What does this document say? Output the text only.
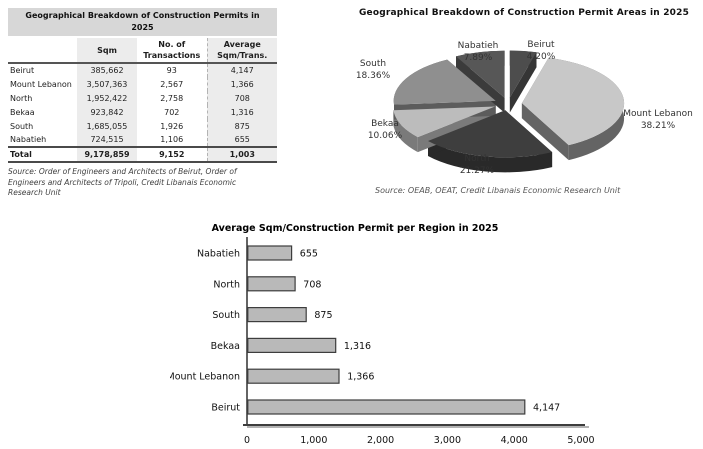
Geographical Breakdown of Construction Permits in 2025
	Sqm	No. of Transactions	Average Sqm/Trans.
Beirut	385,662	93	4,147
Mount Lebanon	3,507,363	2,567	1,366
North	1,952,422	2,758	708
Bekaa	923,842	702	1,316
South	1,685,055	1,926	875
Nabatieh	724,515	1,106	655
Total	9,178,859	9,152	1,003
Source: Order of Engineers and Architects of Beirut, Order of Engineers and Architects of Tripoli, Credit Libanais Economic Research Unit
Beirut 4.20%
Mount Lebanon 38.21%
North 21.27%
Bekaa 10.06%
South 18.36%
Nabatieh 7.89%
Geographical Breakdown of Construction Permit Areas in 2025
Source: OEAB, OEAT, Credit Libanais Economic Research Unit
Average Sqm/Construction Permit per Region in 2025
0	1,000	2,000	3,000	4,000	5,000
Nabatieh	655
North	708
South	875
Bekaa	1,316
Mount Lebanon	1,366
Beirut	4,147
